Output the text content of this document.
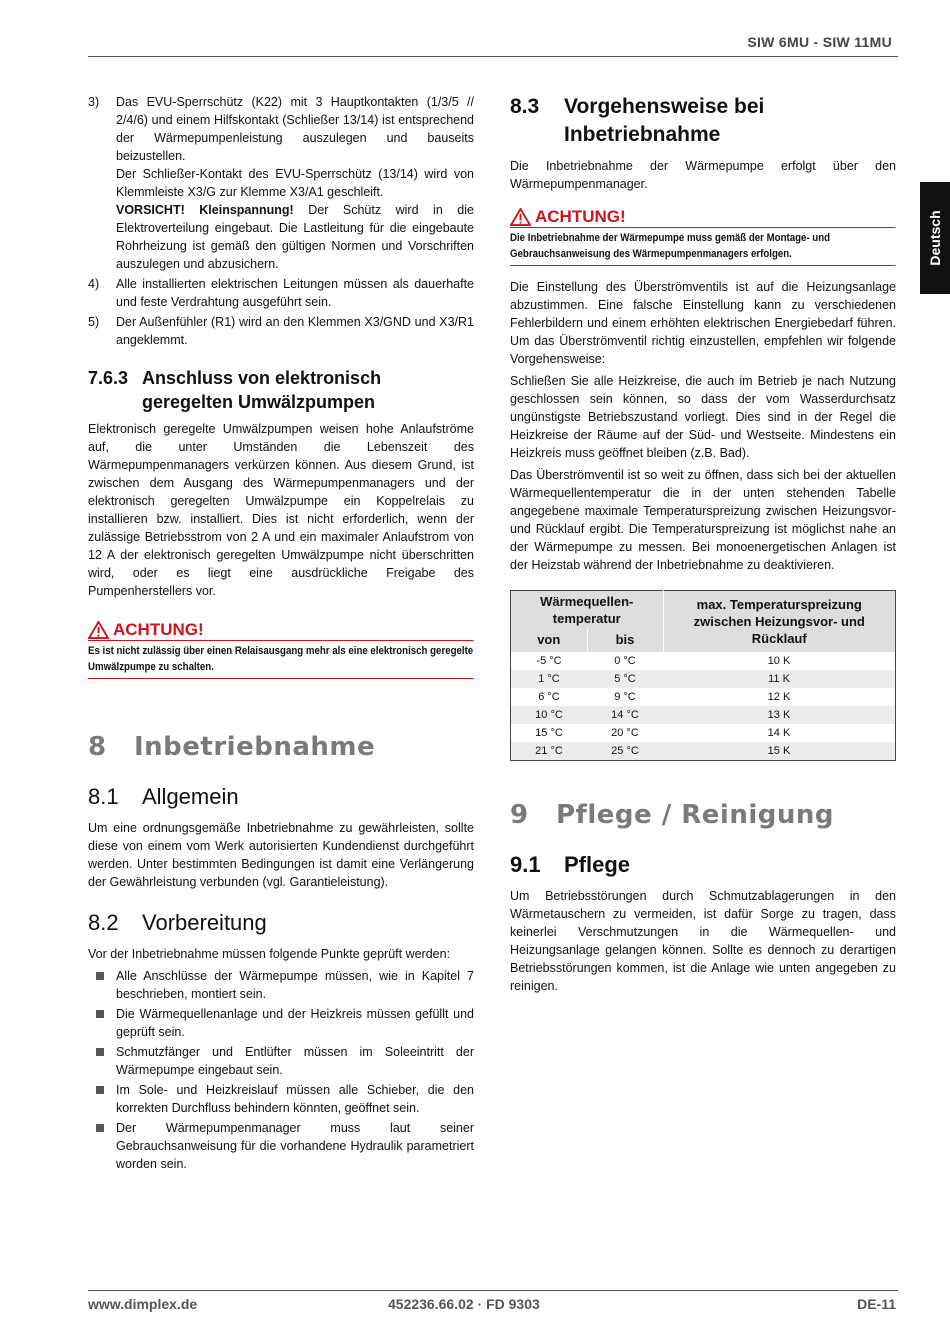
SIW 6MU - SIW 11MU
Deutsch
3)	Das EVU-Sperrschütz (K22) mit 3 Hauptkontakten (1/3/5 // 2/4/6) und einem Hilfskontakt (Schließer 13/14) ist entsprechend der Wärmepumpenleistung auszulegen und bauseits beizustellen.

Der Schließer-Kontakt des EVU-Sperrschütz (13/14) wird von Klemmleiste X3/G zur Klemme X3/A1 geschleift.

VORSICHT! Kleinspannung! Der Schütz wird in die Elektroverteilung eingebaut. Die Lastleitung für die eingebaute Rohrheizung ist gemäß den gültigen Normen und Vorschriften auszulegen und abzusichern.

4)	Alle installierten elektrischen Leitungen müssen als dauerhafte und feste Verdrahtung ausgeführt sein.

5)	Der Außenfühler (R1) wird an den Klemmen X3/GND und X3/R1 angeklemmt.

7.6.3 Anschluss von elektronisch geregelten Umwälzpumpen

Elektronisch geregelte Umwälzpumpen weisen hohe Anlaufströme auf, die unter Umständen die Lebenszeit des Wärmepumpenmanagers verkürzen können. Aus diesem Grund, ist zwischen dem Ausgang des Wärmepumpenmanagers und der elektronisch geregelten Umwälzpumpe ein Koppelrelais zu installieren bzw. installiert. Dies ist nicht erforderlich, wenn der zulässige Betriebsstrom von 2 A und ein maximaler Anlaufstrom von 12 A der elektronisch geregelten Umwälzpumpe nicht überschritten wird, oder es liegt eine ausdrückliche Freigabe des Pumpenherstellers vor.

ACHTUNG!
Es ist nicht zulässig über einen Relaisausgang mehr als eine elektronisch geregelte Umwälzpumpe zu schalten.
8	Inbetriebnahme
8.1	Allgemein

Um eine ordnungsgemäße Inbetriebnahme zu gewährleisten, sollte diese von einem vom Werk autorisierten Kundendienst durchgeführt werden. Unter bestimmten Bedingungen ist damit eine Verlängerung der Gewährleistung verbunden (vgl. Garantieleistung).

8.2	Vorbereitung

Vor der Inbetriebnahme müssen folgende Punkte geprüft werden:

Alle Anschlüsse der Wärmepumpe müssen, wie in Kapitel 7 beschrieben, montiert sein.
Die Wärmequellenanlage und der Heizkreis müssen gefüllt und geprüft sein.
Schmutzfänger und Entlüfter müssen im Soleeintritt der Wärmepumpe eingebaut sein.
Im Sole- und Heizkreislauf müssen alle Schieber, die den korrekten Durchfluss behindern könnten, geöffnet sein.
Der Wärmepumpenmanager muss laut seiner Gebrauchsanweisung für die vorhandene Hydraulik parametriert worden sein.
8.3	Vorgehensweise bei Inbetriebnahme

Die Inbetriebnahme der Wärmepumpe erfolgt über den Wärmepumpenmanager.

ACHTUNG!
Die Inbetriebnahme der Wärmepumpe muss gemäß der Montage- und Gebrauchsanweisung des Wärmepumpenmanagers erfolgen.

Die Einstellung des Überströmventils ist auf die Heizungsanlage abzustimmen. Eine falsche Einstellung kann zu verschiedenen Fehlerbildern und einem erhöhten elektrischen Energiebedarf führen. Um das Überströmventil richtig einzustellen, empfehlen wir folgende Vorgehensweise:

Schließen Sie alle Heizkreise, die auch im Betrieb je nach Nutzung geschlossen sein können, so dass der vom Wasserdurchsatz ungünstigste Betriebszustand vorliegt. Dies sind in der Regel die Heizkreise der Räume auf der Süd- und Westseite. Mindestens ein Heizkreis muss geöffnet bleiben (z.B. Bad).

Das Überströmventil ist so weit zu öffnen, dass sich bei der aktuellen Wärmequellentemperatur die in der unten stehenden Tabelle angegebene maximale Temperaturspreizung zwischen Heizungsvor- und Rücklauf ergibt. Die Temperaturspreizung ist möglichst nahe an der Wärmepumpe zu messen. Bei monoenergetischen Anlagen ist der Heizstab während der Inbetriebnahme zu deaktivieren.

Wärmequellen-temperatur		max. Temperaturspreizung zwischen Heizungsvor- und Rücklauf
von	bis	
-5 °C	0 °C	10 K
1 °C	5 °C	11 K
6 °C	9 °C	12 K
10 °C	14 °C	13 K
15 °C	20 °C	14 K
21 °C	25 °C	15 K
9	Pflege / Reinigung
9.1	Pflege

Um Betriebsstörungen durch Schmutzablagerungen in den Wärmetauschern zu vermeiden, ist dafür Sorge zu tragen, dass keinerlei Verschmutzungen in die Wärmequellen- und Heizungsanlage gelangen können. Sollte es dennoch zu derartigen Betriebsstörungen kommen, ist die Anlage wie unten angegeben zu reinigen.

www.dimplex.de	452236.66.02 · FD 9303	DE-11
